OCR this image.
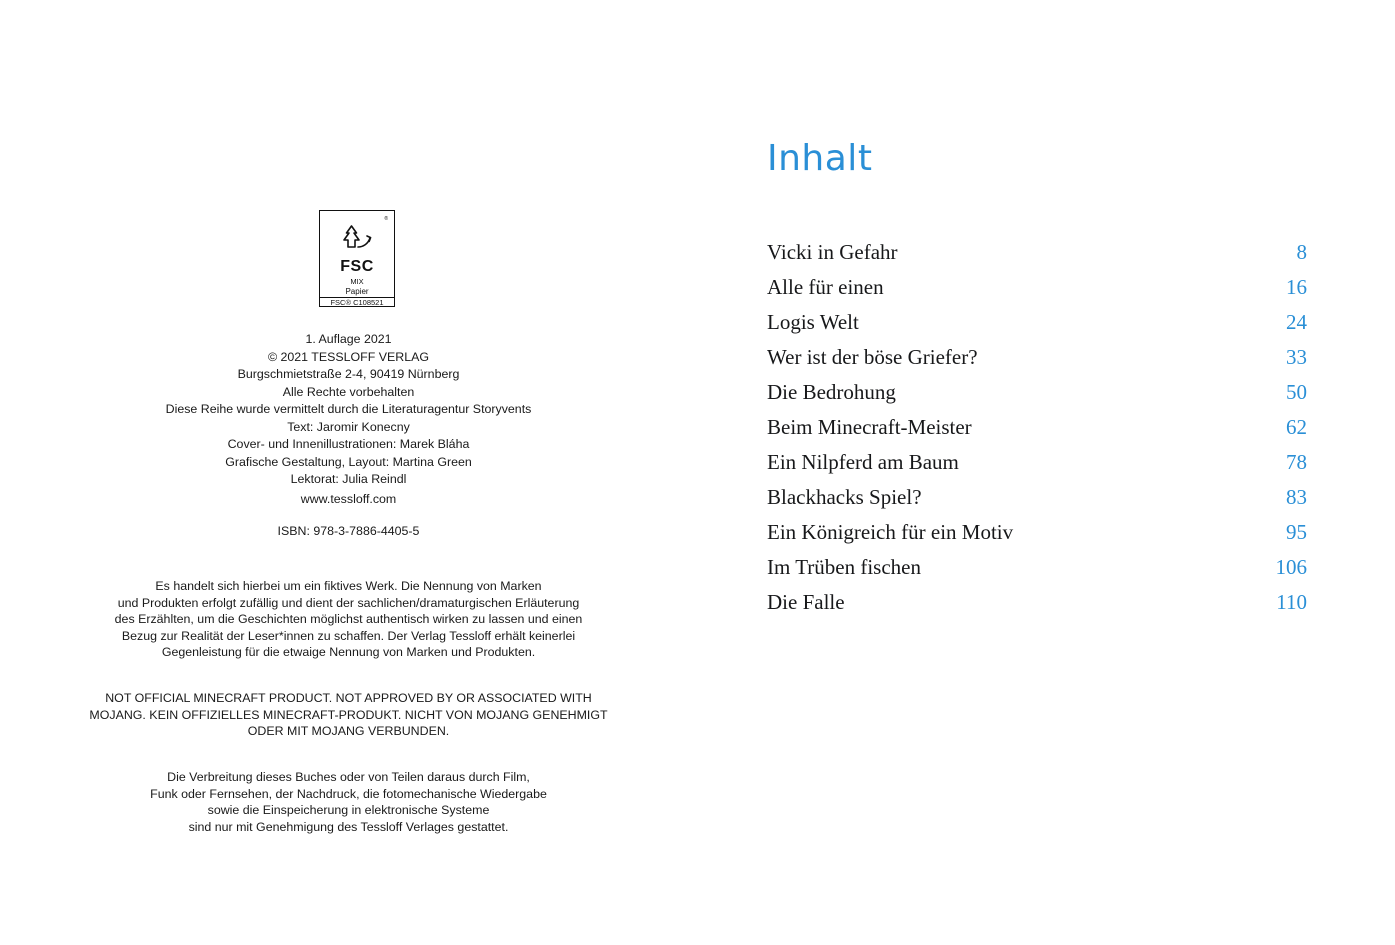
®
FSC
MIX
Papier
FSC® C108521
1. Auflage 2021
© 2021 TESSLOFF VERLAG
Burgschmietstraße 2-4, 90419 Nürnberg
Alle Rechte vorbehalten
Diese Reihe wurde vermittelt durch die Literaturagentur Storyvents
Text: Jaromir Konecny
Cover- und Innenillustrationen: Marek Bláha
Grafische Gestaltung, Layout: Martina Green
Lektorat: Julia Reindl
www.tessloff.com
ISBN: 978-3-7886-4405-5
Es handelt sich hierbei um ein fiktives Werk. Die Nennung von Marken
und Produkten erfolgt zufällig und dient der sachlichen/dramaturgischen Erläuterung
des Erzählten, um die Geschichten möglichst authentisch wirken zu lassen und einen
Bezug zur Realität der Leser*innen zu schaffen. Der Verlag Tessloff erhält keinerlei
Gegenleistung für die etwaige Nennung von Marken und Produkten.
NOT OFFICIAL MINECRAFT PRODUCT. NOT APPROVED BY OR ASSOCIATED WITH
MOJANG. KEIN OFFIZIELLES MINECRAFT-PRODUKT. NICHT VON MOJANG GENEHMIGT
ODER MIT MOJANG VERBUNDEN.
Die Verbreitung dieses Buches oder von Teilen daraus durch Film,
Funk oder Fernsehen, der Nachdruck, die fotomechanische Wiedergabe
sowie die Einspeicherung in elektronische Systeme
sind nur mit Genehmigung des Tessloff Verlages gestattet.
Inhalt
Vicki in Gefahr	8
Alle für einen	16
Logis Welt	24
Wer ist der böse Griefer?	33
Die Bedrohung	50
Beim Minecraft-Meister	62
Ein Nilpferd am Baum	78
Blackhacks Spiel?	83
Ein Königreich für ein Motiv	95
Im Trüben fischen	106
Die Falle	110
